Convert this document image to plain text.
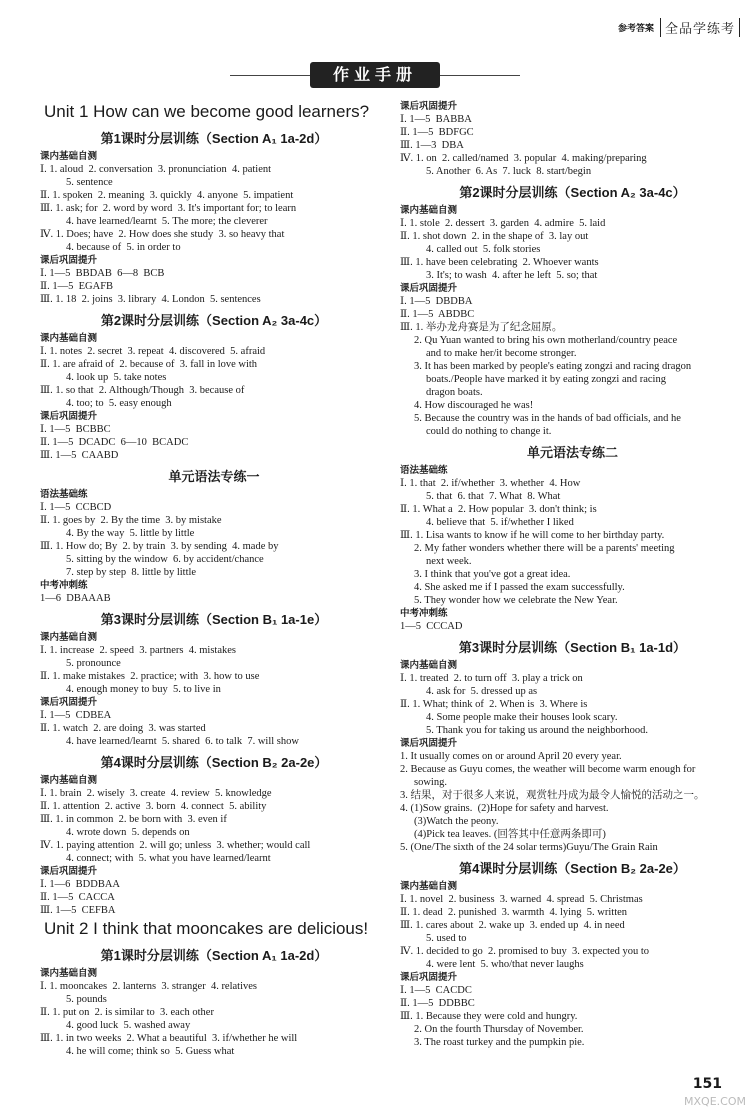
参考答案 全品学练考
作业手册
Unit 1 How can we become good learners?
第1课时分层训练（Section A₁ 1a-2d）
课内基础自测
Ⅰ. 1. aloud  2. conversation  3. pronunciation  4. patient
5. sentence
Ⅱ. 1. spoken  2. meaning  3. quickly  4. anyone  5. impatient
Ⅲ. 1. ask; for  2. word by word  3. It's important for; to learn
4. have learned/learnt  5. The more; the cleverer
Ⅳ. 1. Does; have  2. How does she study  3. so heavy that
4. because of  5. in order to
课后巩固提升
Ⅰ. 1—5  BBDAB  6—8  BCB
Ⅱ. 1—5  EGAFB
Ⅲ. 1. 18  2. joins  3. library  4. London  5. sentences
第2课时分层训练（Section A₂ 3a-4c）
课内基础自测
Ⅰ. 1. notes  2. secret  3. repeat  4. discovered  5. afraid
Ⅱ. 1. are afraid of  2. because of  3. fall in love with
4. look up  5. take notes
Ⅲ. 1. so that  2. Although/Though  3. because of
4. too; to  5. easy enough
课后巩固提升
Ⅰ. 1—5  BCBBC
Ⅱ. 1—5  DCADC  6—10  BCADC
Ⅲ. 1—5  CAABD
单元语法专练一
语法基础练
Ⅰ. 1—5  CCBCD
Ⅱ. 1. goes by  2. By the time  3. by mistake
4. By the way  5. little by little
Ⅲ. 1. How do; By  2. by train  3. by sending  4. made by
5. sitting by the window  6. by accident/chance
7. step by step  8. little by little
中考冲刺练
1—6  DBAAAB
第3课时分层训练（Section B₁ 1a-1e）
课内基础自测
Ⅰ. 1. increase  2. speed  3. partners  4. mistakes
5. pronounce
Ⅱ. 1. make mistakes  2. practice; with  3. how to use
4. enough money to buy  5. to live in
课后巩固提升
Ⅰ. 1—5  CDBEA
Ⅱ. 1. watch  2. are doing  3. was started
4. have learned/learnt  5. shared  6. to talk  7. will show
第4课时分层训练（Section B₂ 2a-2e）
课内基础自测
Ⅰ. 1. brain  2. wisely  3. create  4. review  5. knowledge
Ⅱ. 1. attention  2. active  3. born  4. connect  5. ability
Ⅲ. 1. in common  2. be born with  3. even if
4. wrote down  5. depends on
Ⅳ. 1. paying attention  2. will go; unless  3. whether; would call
4. connect; with  5. what you have learned/learnt
课后巩固提升
Ⅰ. 1—6  BDDBAA
Ⅱ. 1—5  CACCA
Ⅲ. 1—5  CEFBA
Unit 2 I think that mooncakes are delicious!
第1课时分层训练（Section A₁ 1a-2d）
课内基础自测
Ⅰ. 1. mooncakes  2. lanterns  3. stranger  4. relatives
5. pounds
Ⅱ. 1. put on  2. is similar to  3. each other
4. good luck  5. washed away
Ⅲ. 1. in two weeks  2. What a beautiful  3. if/whether he will
4. he will come; think so  5. Guess what
课后巩固提升
Ⅰ. 1—5  BABBA
Ⅱ. 1—5  BDFGC
Ⅲ. 1—3  DBA
Ⅳ. 1. on  2. called/named  3. popular  4. making/preparing
5. Another  6. As  7. luck  8. start/begin
第2课时分层训练（Section A₂ 3a-4c）
课内基础自测
Ⅰ. 1. stole  2. dessert  3. garden  4. admire  5. laid
Ⅱ. 1. shot down  2. in the shape of  3. lay out
4. called out  5. folk stories
Ⅲ. 1. have been celebrating  2. Whoever wants
3. It's; to wash  4. after he left  5. so; that
课后巩固提升
Ⅰ. 1—5  DBDBA
Ⅱ. 1—5  ABDBC
Ⅲ. 1. 举办龙舟赛是为了纪念屈原。
2. Qu Yuan wanted to bring his own motherland/country peace
and to make her/it become stronger.
3. It has been marked by people's eating zongzi and racing dragon
boats./People have marked it by eating zongzi and racing
dragon boats.
4. How discouraged he was!
5. Because the country was in the hands of bad officials, and he
could do nothing to change it.
单元语法专练二
语法基础练
Ⅰ. 1. that  2. if/whether  3. whether  4. How
5. that  6. that  7. What  8. What
Ⅱ. 1. What a  2. How popular  3. don't think; is
4. believe that  5. if/whether I liked
Ⅲ. 1. Lisa wants to know if he will come to her birthday party.
2. My father wonders whether there will be a parents' meeting
next week.
3. I think that you've got a great idea.
4. She asked me if I passed the exam successfully.
5. They wonder how we celebrate the New Year.
中考冲刺练
1—5  CCCAD
第3课时分层训练（Section B₁ 1a-1d）
课内基础自测
Ⅰ. 1. treated  2. to turn off  3. play a trick on
4. ask for  5. dressed up as
Ⅱ. 1. What; think of  2. When is  3. Where is
4. Some people make their houses look scary.
5. Thank you for taking us around the neighborhood.
课后巩固提升
1. It usually comes on or around April 20 every year.
2. Because as Guyu comes, the weather will become warm enough for
sowing.
3. 结果，对于很多人来说，观赏牡丹成为最令人愉悦的活动之一。
4. (1)Sow grains.  (2)Hope for safety and harvest.
(3)Watch the peony.
(4)Pick tea leaves. (回答其中任意两条即可)
5. (One/The sixth of the 24 solar terms)Guyu/The Grain Rain
第4课时分层训练（Section B₂ 2a-2e）
课内基础自测
Ⅰ. 1. novel  2. business  3. warned  4. spread  5. Christmas
Ⅱ. 1. dead  2. punished  3. warmth  4. lying  5. written
Ⅲ. 1. cares about  2. wake up  3. ended up  4. in need
5. used to
Ⅳ. 1. decided to go  2. promised to buy  3. expected you to
4. were lent  5. who/that never laughs
课后巩固提升
Ⅰ. 1—5  CACDC
Ⅱ. 1—5  DDBBC
Ⅲ. 1. Because they were cold and hungry.
2. On the fourth Thursday of November.
3. The roast turkey and the pumpkin pie.
151
MXQE.COM
